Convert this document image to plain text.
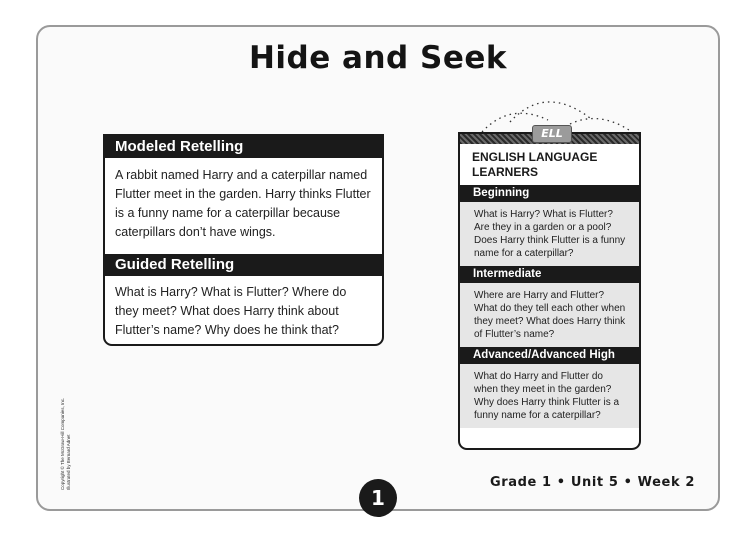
Hide and Seek
Modeled Retelling
A rabbit named Harry and a caterpillar named Flutter meet in the garden. Harry thinks Flutter is a funny name for a caterpillar because caterpillars don’t have wings.
Guided Retelling
What is Harry? What is Flutter? Where do they meet? What does Harry think about Flutter’s name? Why does he think that?
ENGLISH LANGUAGE LEARNERS
Beginning
What is Harry? What is Flutter? Are they in a garden or a pool? Does Harry think Flutter is a funny name for a caterpillar?
Intermediate
Where are Harry and Flutter? What do they tell each other when they meet? What does Harry think of Flutter’s name?
Advanced/Advanced High
What do Harry and Flutter do when they meet in the garden? Why does Harry think Flutter is a funny name for a caterpillar?
ELL
Copyright © The McGraw-Hill Companies, Inc. Illustrated by Bernard Adnet	Grade 1 • Unit 5 • Week 2
1
